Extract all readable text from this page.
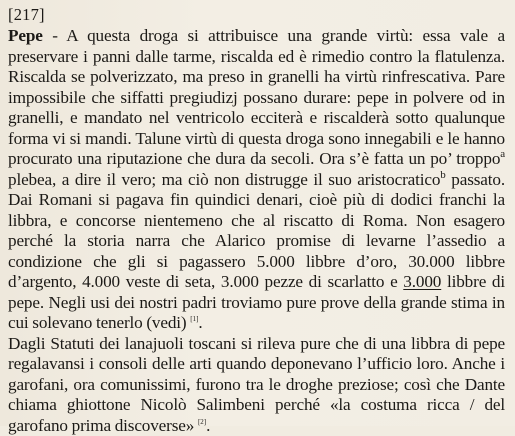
[217]

Pepe - A questa droga si attribuisce una grande virtù: essa vale a preservare i panni dalle tarme, riscalda ed è rimedio contro la flatulenza. Riscalda se polverizzato, ma preso in granelli ha virtù rinfrescativa. Pare impossibile che siffatti pregiudizj possano durare: pepe in polvere od in granelli, e mandato nel ventricolo ecciterà e riscalderà sotto qualunque forma vi si mandi. Talune virtù di questa droga sono innegabili e le hanno procurato una riputazione che dura da secoli. Ora s’è fatta un po’ troppo$^a$ plebea, a dire il vero; ma ciò non distrugge il suo aristocratico$^b$ passato. Dai Romani si pagava fin quindici denari, cioè più di dodici franchi la libbra, e concorse nientemeno che al riscatto di Roma. Non esagero perché la storia narra che Alarico promise di levarne l’assedio a condizione che gli si pagassero 5.000 libbre d’oro, 30.000 libbre d’argento, 4.000 veste di seta, 3.000 pezze di scarlatto e 3.000 libbre di pepe. Negli usi dei nostri padri troviamo pure prove della grande stima in cui solevano tenerlo (vedi) [1].

Dagli Statuti dei lanajuoli toscani si rileva pure che di una libbra di pepe regalavansi i consoli delle arti quando deponevano l’ufficio loro. Anche i garofani, ora comunissimi, furono tra le droghe preziose; così che Dante chiama ghiottone Nicolò Salimbeni perché «la costuma ricca / del garofano prima discoverse» [2].
